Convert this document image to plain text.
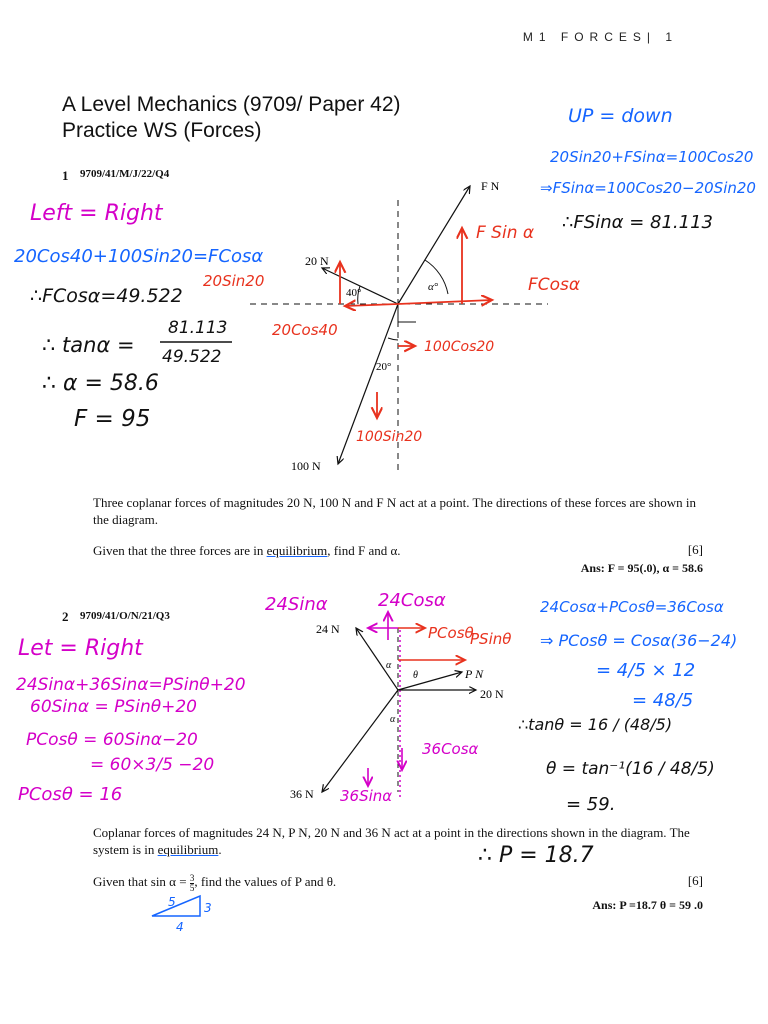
M1 FORCES| 1
A Level Mechanics (9709/ Paper 42)
Practice WS (Forces)
1 9709/41/M/J/22/Q4
F N
20 N
100 N
40°
20°
α°
F Sin α
FCosα
20Sin20
20Cos40
100Cos20
100Sin20
Left = Right
20Cos40+100Sin20=FCosα
∴FCosα=49.522
∴ tanα =
81.113
49.522
∴ α = 58.6
F = 95
UP = down
20Sin20+FSinα=100Cos20
⇒FSinα=100Cos20−20Sin20
∴FSinα = 81.113
24 N
P N
20 N
36 N
α
α
θ
PCosθ
PSinθ
24Sinα	24Cosα
36Cosα
36Sinα
Let = Right
24Sinα+36Sinα=PSinθ+20
60Sinα = PSinθ+20
PCosθ = 60Sinα−20
= 60×3/5 −20
PCosθ = 16
24Cosα+PCosθ=36Cosα
⇒ PCosθ = Cosα(36−24)
= 4/5 × 12
= 48/5
∴tanθ = 16 / (48/5)
θ = tan⁻¹(16 / 48/5)
= 59.
∴ P = 18.7
5 3
4
Three coplanar forces of magnitudes 20 N, 100 N and F N act at a point. The directions of these forces are shown in the diagram.
Given that the three forces are in equilibrium, find F and α.	[6]
Ans: F = 95(.0), α = 58.6
2 9709/41/O/N/21/Q3
Coplanar forces of magnitudes 24 N, P N, 20 N and 36 N act at a point in the directions shown in the diagram. The system is in equilibrium.
Given that $\sin \alpha = \frac{3}{5}$ , find the values of P and θ.	[6]
Ans: P =18.7 θ = 59 .0
